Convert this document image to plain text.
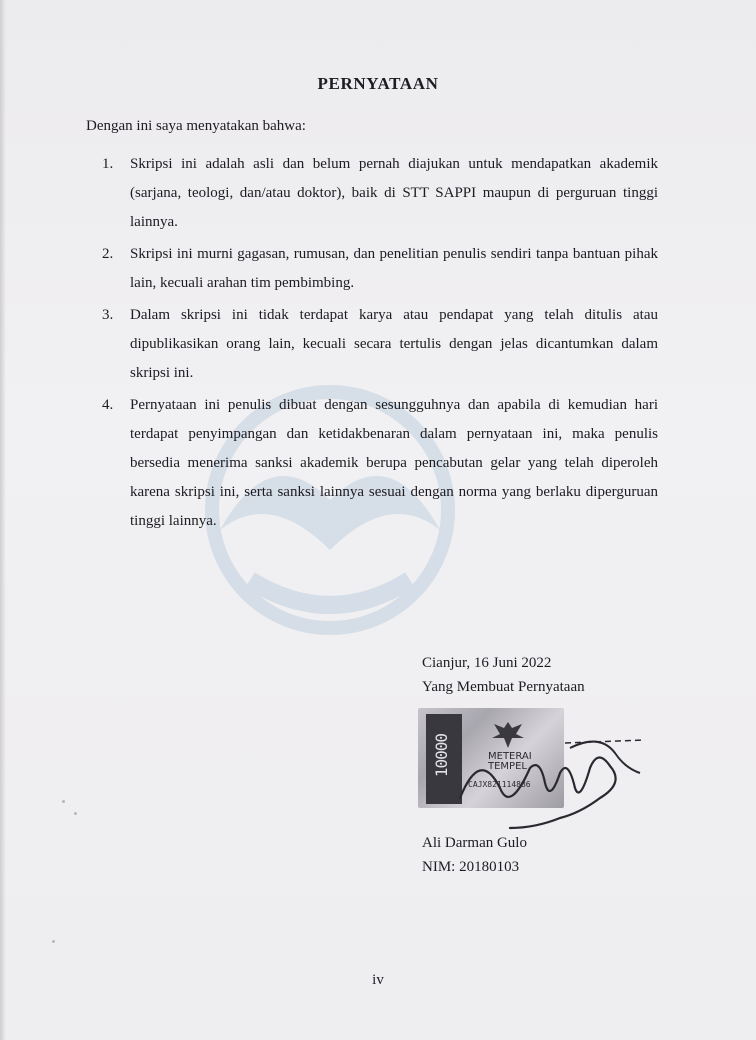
PERNYATAAN
Dengan ini saya menyatakan bahwa:
1. Skripsi ini adalah asli dan belum pernah diajukan untuk mendapatkan akademik (sarjana, teologi, dan/atau doktor), baik di STT SAPPI maupun di perguruan tinggi lainnya.
2. Skripsi ini murni gagasan, rumusan, dan penelitian penulis sendiri tanpa bantuan pihak lain, kecuali arahan tim pembimbing.
3. Dalam skripsi ini tidak terdapat karya atau pendapat yang telah ditulis atau dipublikasikan orang lain, kecuali secara tertulis dengan jelas dicantumkan dalam skripsi ini.
4. Pernyataan ini penulis dibuat dengan sesungguhnya dan apabila di kemudian hari terdapat penyimpangan dan ketidakbenaran dalam pernyataan ini, maka penulis bersedia menerima sanksi akademik berupa pencabutan gelar yang telah diperoleh karena skripsi ini, serta sanksi lainnya sesuai dengan norma yang berlaku diperguruan tinggi lainnya.
Cianjur, 16 Juni 2022
Yang Membuat Pernyataan
10000	METERAI
TEMPEL
CAJX821114886
Ali Darman Gulo
NIM: 20180103
iv
